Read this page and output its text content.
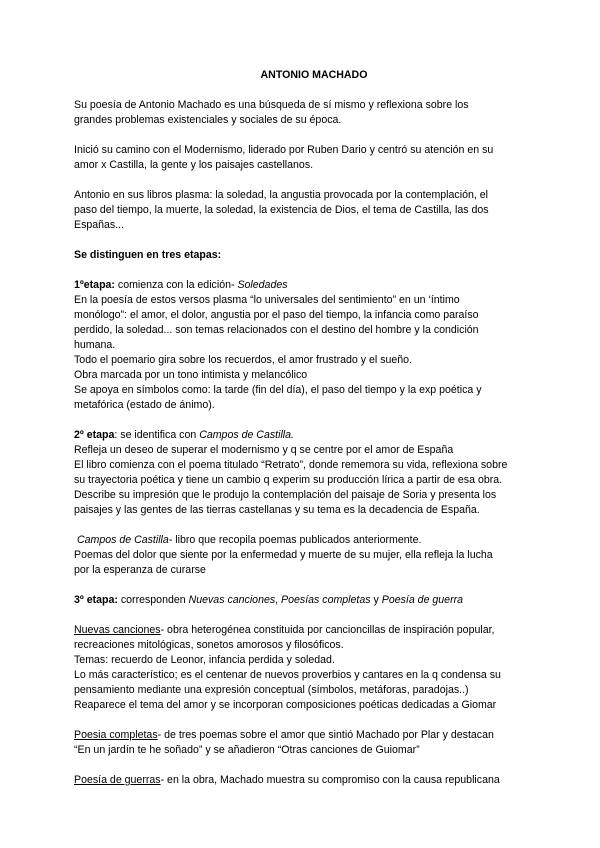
ANTONIO MACHADO

Su poesía de Antonio Machado es una búsqueda de sí mismo y reflexiona sobre los
grandes problemas existenciales y sociales de su época.

Inició su camino con el Modernismo, liderado por Ruben Dario y centró su atención en su
amor x Castilla, la gente y los paisajes castellanos.

Antonio en sus libros plasma: la soledad, la angustia provocada por la contemplación, el
paso del tiempo, la muerte, la soledad, la existencia de Dios, el tema de Castilla, las dos
Españas...

Se distinguen en tres etapas:

1ºetapa: comienza con la edición- Soledades
En la poesía de estos versos plasma “lo universales del sentimiento” en un ‘íntimo
monólogo”: el amor, el dolor, angustia por el paso del tiempo, la infancia como paraíso
perdido, la soledad... son temas relacionados con el destino del hombre y la condición
humana.
Todo el poemario gira sobre los recuerdos, el amor frustrado y el sueño.
Obra marcada por un tono intimista y melancólico
Se apoya en símbolos como: la tarde (fin del día), el paso del tiempo y la exp poética y
metafórica (estado de ánimo).

2º etapa: se identifica con Campos de Castilla.
Refleja un deseo de superar el modernismo y q se centre por el amor de España
El libro comienza con el poema titulado “Retrato”, donde rememora su vida, reflexiona sobre
su trayectoria poética y tiene un cambio q experim su producción lírica a partir de esa obra.
Describe su impresión que le produjo la contemplación del paisaje de Soria y presenta los
paisajes y las gentes de las tierras castellanas y su tema es la decadencia de España.

Campos de Castilla- libro que recopila poemas publicados anteriormente.
Poemas del dolor que siente por la enfermedad y muerte de su mujer, ella refleja la lucha
por la esperanza de curarse

3º etapa: corresponden Nuevas canciones, Poesías completas y Poesía de guerra

Nuevas canciones- obra heterogénea constituida por cancioncillas de inspiración popular,
recreaciones mitológicas, sonetos amorosos y filosóficos.
Temas: recuerdo de Leonor, infancia perdida y soledad.
Lo más característico; es el centenar de nuevos proverbios y cantares en la q condensa su
pensamiento mediante una expresión conceptual (símbolos, metáforas, paradojas..)
Reaparece el tema del amor y se incorporan composiciones poéticas dedicadas a Giomar

Poesia completas- de tres poemas sobre el amor que sintió Machado por Plar y destacan
“En un jardín te he soñado” y se añadieron “Otras canciones de Guiomar”

Poesía de guerras- en la obra, Machado muestra su compromiso con la causa republicana
